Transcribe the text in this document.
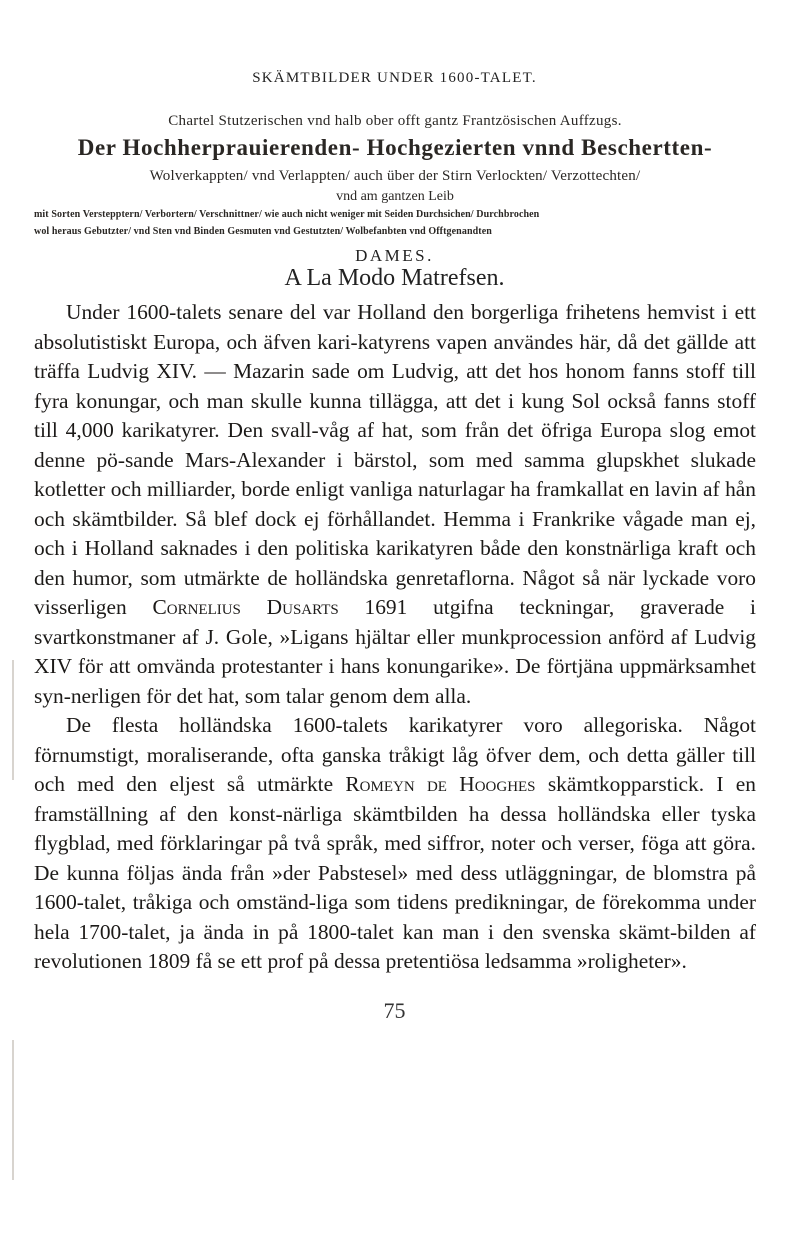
SKÄMTBILDER UNDER 1600-TALET.
Chartel Stutzerischen vnd halb ober offt gantz Frantzösischen Auffzugs.
Der Hochherprauierenden- Hochgezierten vnnd Beschertten-
Wolverkappten/ vnd Verlappten/ auch über der Stirn Verlockten/ Verzottechten/
vnd am gantzen Leib
mit Sorten Verstepptern/ Verbortern/ Verschnittner/ wie auch nicht weniger mit Seiden Durchsichen/ Durchbrochen
wol heraus Gebutzter/ vnd Sten vnd Binden Gesmuten vnd Gestutzten/ Wolbefanbten vnd Offtgenandten
DAMES.
A La Modo Matrefsen.

Under 1600-talets senare del var Holland den borgerliga frihetens hemvist i ett absolutistiskt Europa, och äfven kari-katyrens vapen användes här, då det gällde att träffa Ludvig XIV. — Mazarin sade om Ludvig, att det hos honom fanns stoff till fyra konungar, och man skulle kunna tillägga, att det i kung Sol också fanns stoff till 4,000 karikatyrer. Den svall-våg af hat, som från det öfriga Europa slog emot denne pö-sande Mars-Alexander i bärstol, som med samma glupskhet slukade kotletter och milliarder, borde enligt vanliga naturlagar ha framkallat en lavin af hån och skämtbilder. Så blef dock ej förhållandet. Hemma i Frankrike vågade man ej, och i Holland saknades i den politiska karikatyren både den konstnärliga kraft och den humor, som utmärkte de holländska genretaflorna. Något så när lyckade voro visserligen Cornelius Dusarts 1691 utgifna teckningar, graverade i svartkonstmaner af J. Gole, »Ligans hjältar eller munkprocession anförd af Ludvig XIV för att omvända protestanter i hans konungarike». De förtjäna uppmärksamhet syn-nerligen för det hat, som talar genom dem alla.

De flesta holländska 1600-talets karikatyrer voro allegoriska. Något förnumstigt, moraliserande, ofta ganska tråkigt låg öfver dem, och detta gäller till och med den eljest så utmärkte Romeyn de Hooghes skämtkopparstick. I en framställning af den konst-närliga skämtbilden ha dessa holländska eller tyska flygblad, med förklaringar på två språk, med siffror, noter och verser, föga att göra. De kunna följas ända från »der Pabstesel» med dess utläggningar, de blomstra på 1600-talet, tråkiga och omständ-liga som tidens predikningar, de förekomma under hela 1700-talet, ja ända in på 1800-talet kan man i den svenska skämt-bilden af revolutionen 1809 få se ett prof på dessa pretentiösa ledsamma »roligheter».

75
